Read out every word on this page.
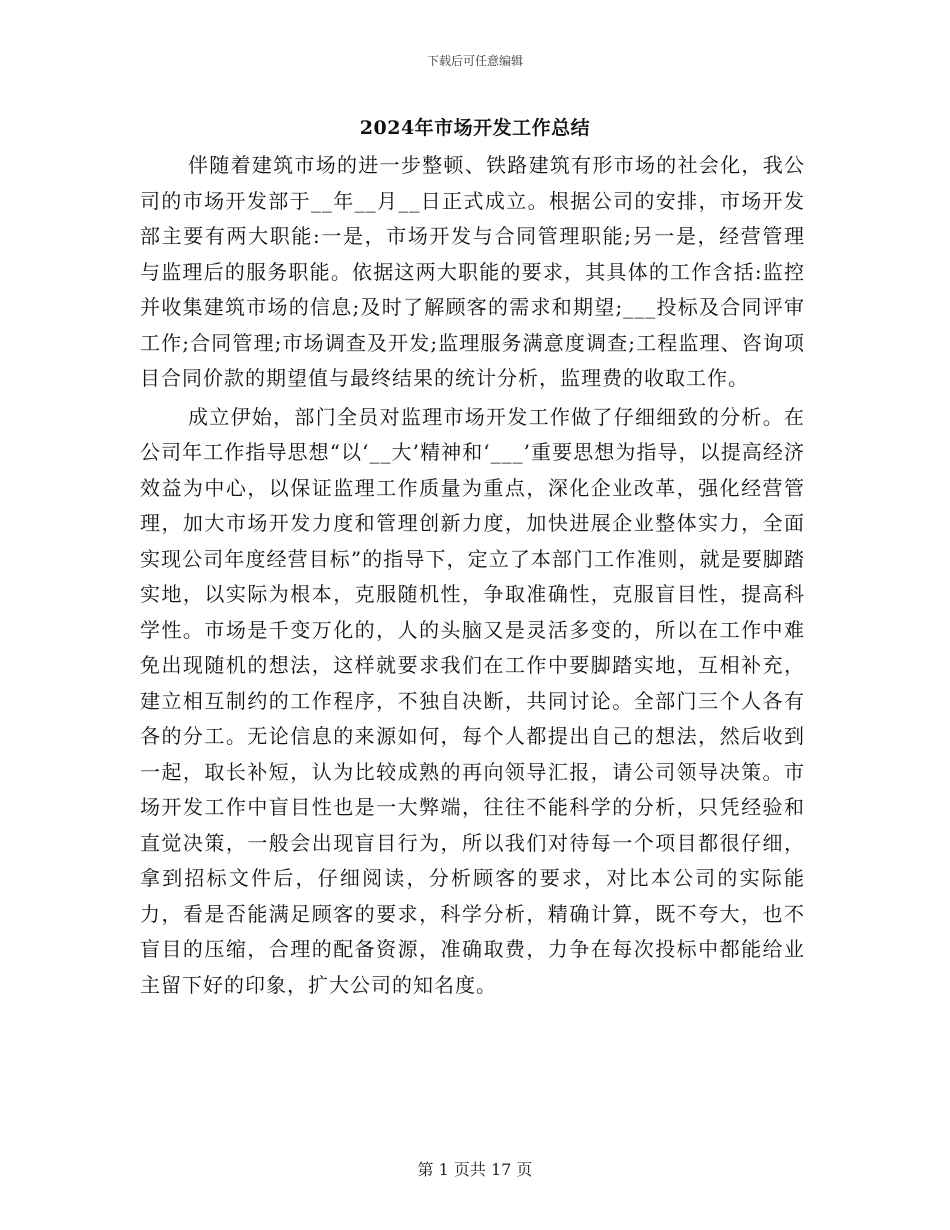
下载后可任意编辑
2024年市场开发工作总结

伴随着建筑市场的进一步整顿、铁路建筑有形市场的社会化，我公司的市场开发部于__年__月__日正式成立。根据公司的安排，市场开发部主要有两大职能:一是，市场开发与合同管理职能;另一是，经营管理与监理后的服务职能。依据这两大职能的要求，其具体的工作含括:监控并收集建筑市场的信息;及时了解顾客的需求和期望;___投标及合同评审工作;合同管理;市场调查及开发;监理服务满意度调查;工程监理、咨询项目合同价款的期望值与最终结果的统计分析，监理费的收取工作。

成立伊始，部门全员对监理市场开发工作做了仔细细致的分析。在公司年工作指导思想“以‘__大’精神和‘___’重要思想为指导，以提高经济效益为中心，以保证监理工作质量为重点，深化企业改革，强化经营管理，加大市场开发力度和管理创新力度，加快进展企业整体实力，全面实现公司年度经营目标”的指导下，定立了本部门工作准则，就是要脚踏实地，以实际为根本，克服随机性，争取准确性，克服盲目性，提高科学性。市场是千变万化的，人的头脑又是灵活多变的，所以在工作中难免出现随机的想法，这样就要求我们在工作中要脚踏实地，互相补充，建立相互制约的工作程序，不独自决断，共同讨论。全部门三个人各有各的分工。无论信息的来源如何，每个人都提出自己的想法，然后收到一起，取长补短，认为比较成熟的再向领导汇报，请公司领导决策。市场开发工作中盲目性也是一大弊端，往往不能科学的分析，只凭经验和直觉决策，一般会出现盲目行为，所以我们对待每一个项目都很仔细，拿到招标文件后，仔细阅读，分析顾客的要求，对比本公司的实际能力，看是否能满足顾客的要求，科学分析，精确计算，既不夸大，也不盲目的压缩，合理的配备资源，准确取费，力争在每次投标中都能给业主留下好的印象，扩大公司的知名度。

第 1 页共 17 页
